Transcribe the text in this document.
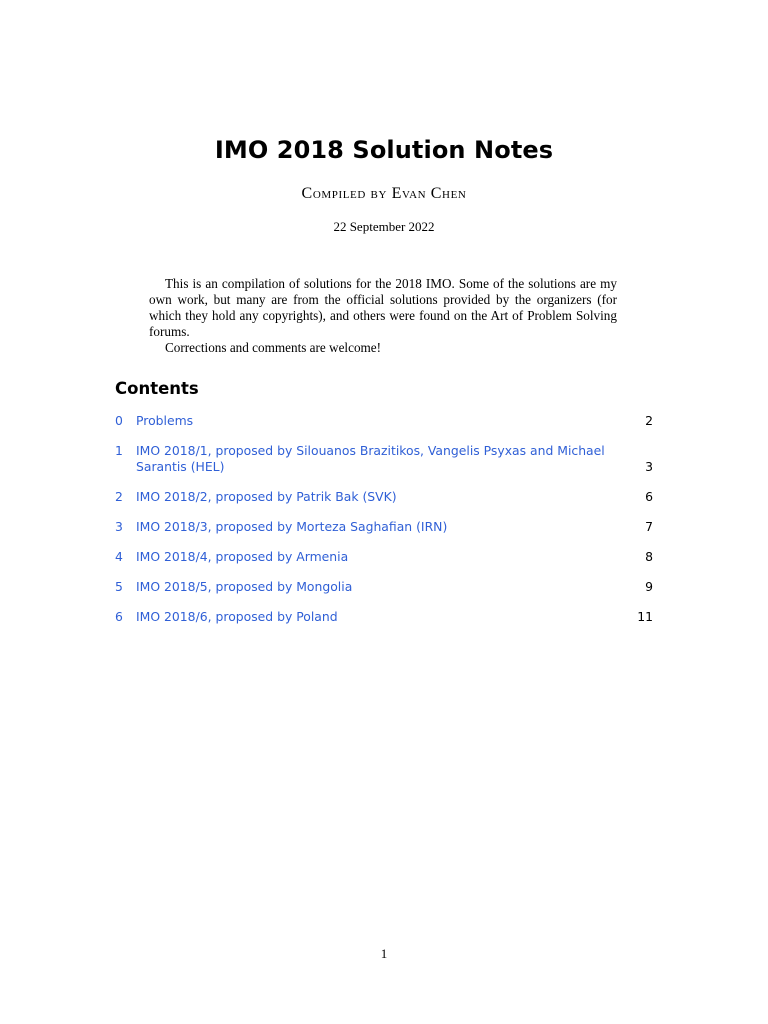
IMO 2018 Solution Notes
Compiled by Evan Chen
22 September 2022

This is an compilation of solutions for the 2018 IMO. Some of the solutions are my own work, but many are from the official solutions provided by the organizers (for which they hold any copyrights), and others were found on the Art of Problem Solving forums.

Corrections and comments are welcome!

Contents
0 Problems	2
1 IMO 2018/1, proposed by Silouanos Brazitikos, Vangelis Psyxas and Michael Sarantis (HEL)	3
2 IMO 2018/2, proposed by Patrik Bak (SVK)	6
3 IMO 2018/3, proposed by Morteza Saghafian (IRN)	7
4 IMO 2018/4, proposed by Armenia	8
5 IMO 2018/5, proposed by Mongolia	9
6 IMO 2018/6, proposed by Poland	11
1
